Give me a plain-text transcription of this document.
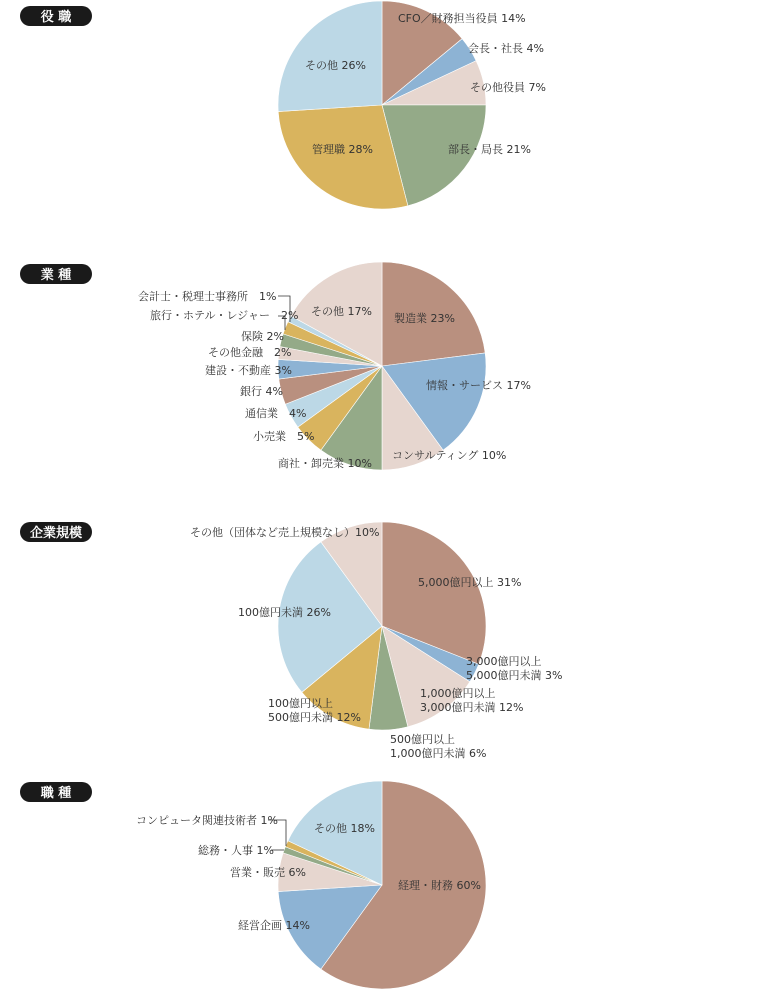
役 職	CFO／財務担当役員 14%
会長・社長 4%
その他役員 7%
部長・局長 21%
管理職 28%
その他 26%
業 種
製造業 23%
情報・サービス 17%
コンサルティング 10%
商社・卸売業 10%
小売業　5%
通信業　4%
銀行 4%
建設・不動産 3%
その他金融　2%
保険 2%
旅行・ホテル・レジャー　2%
会計士・税理士事務所　1%
その他 17%
企業規模
5,000億円以上 31%
3,000億円以上 5,000億円未満 3%
1,000億円以上 3,000億円未満 12%
500億円以上 1,000億円未満 6%
100億円以上 500億円未満 12%
100億円未満 26%
その他（団体など売上規模なし）10%
職 種
経理・財務 60%
経営企画 14%
営業・販売 6%
総務・人事 1%
コンピュータ関連技術者 1%
その他 18%
